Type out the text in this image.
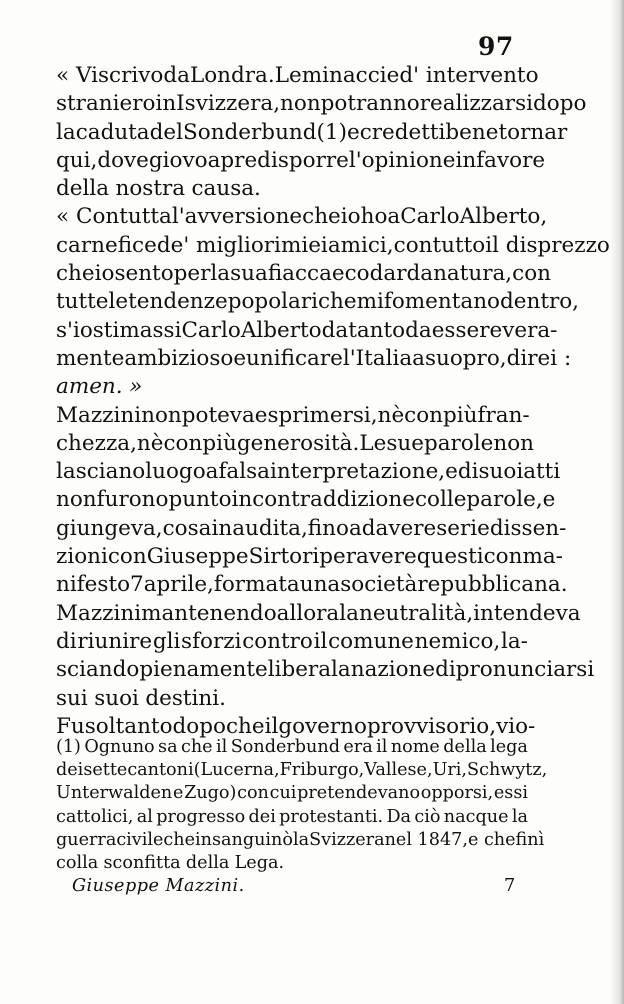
97
« Vi scrivo da Londra. Le minaccie d' intervento
straniero in Isvizzera, non potranno realizzarsi dopo
la caduta del Sonderbund (1) e credetti bene tornar
qui, dove giovo a predisporre l' opinione in favore
della nostra causa.
« Con tutta l'avversione che io ho a Carlo Alberto,
carnefice de' migliori miei amici, con tutto il disprezzo
che io sento per la sua fiacca e codarda natura, con
tutte le tendenze popolari che mi fomentano dentro,
s'io stimassi Carlo Alberto da tanto da essere vera-
mente ambizioso e unificare l'Italia a suo pro, direi :
amen. »
Mazzini non poteva esprimersi, nè con più fran-
chezza, nè con più generosità. Le sue parole non
lasciano luogo a falsa interpretazione, ed i suoi atti
non furono punto in contraddizione colle parole, e
giungeva, cosa inaudita, fino ad avere serie dissen-
zioni con Giuseppe Sirtori per avere questi con ma-
nifesto 7 aprile, formata una società repubblicana.
Mazzini mantenendo allora la neutralità, intendeva
di riunire gli sforzi contro il comune nemico, la-
sciando pienamente libera la nazione di pronunciarsi
sui suoi destini.
Fu soltanto dopo che il governo provvisorio, vio-
(1) Ognuno sa che il Sonderbund era il nome della lega
dei sette cantoni (Lucerna, Friburgo, Vallese, Uri, Schwytz,
Unterwalden e Zugo) con cui pretendevano opporsi, essi
cattolici, al progresso dei protestanti. Da ciò nacque la
guerra civile che insanguinò la Svizzera nel 1847, e che finì
colla sconfitta della Lega.
Giuseppe Mazzini.	7
